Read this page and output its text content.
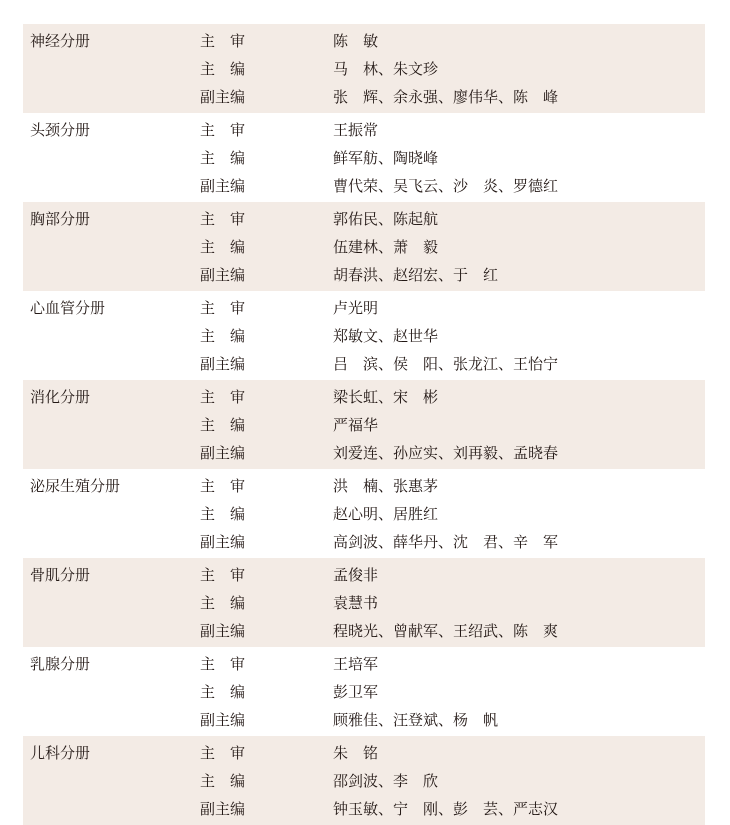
神经分册	主　审	陈　敏
主　编	马　林、朱文珍
副主编	张　辉、余永强、廖伟华、陈　峰
头颈分册	主　审	王振常
主　编	鲜军舫、陶晓峰
副主编	曹代荣、吴飞云、沙　炎、罗德红
胸部分册	主　审	郭佑民、陈起航
主　编	伍建林、萧　毅
副主编	胡春洪、赵绍宏、于　红
心血管分册	主　审	卢光明
主　编	郑敏文、赵世华
副主编	吕　滨、侯　阳、张龙江、王怡宁
消化分册	主　审	梁长虹、宋　彬
主　编	严福华
副主编	刘爱连、孙应实、刘再毅、孟晓春
泌尿生殖分册	主　审	洪　楠、张惠茅
主　编	赵心明、居胜红
副主编	高剑波、薛华丹、沈　君、辛　军
骨肌分册	主　审	孟俊非
主　编	袁慧书
副主编	程晓光、曾献军、王绍武、陈　爽
乳腺分册	主　审	王培军
主　编	彭卫军
副主编	顾雅佳、汪登斌、杨　帆
儿科分册	主　审	朱　铭
主　编	邵剑波、李　欣
副主编	钟玉敏、宁　刚、彭　芸、严志汉
